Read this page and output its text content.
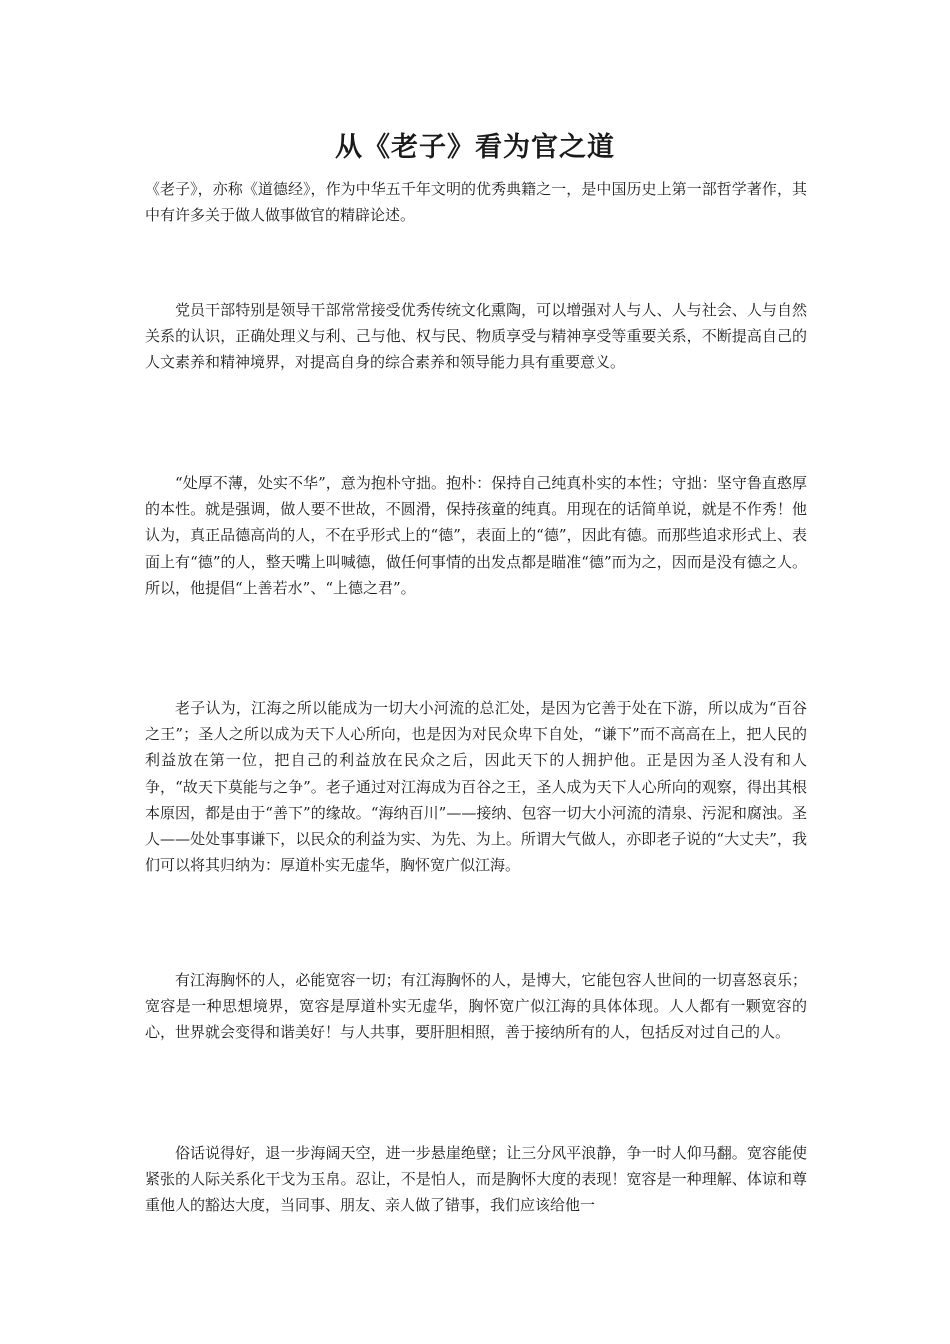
从《老子》看为官之道

《老子》，亦称《道德经》，作为中华五千年文明的优秀典籍之一，是中国历史上第一部哲学著作，其中有许多关于做人做事做官的精辟论述。

党员干部特别是领导干部常常接受优秀传统文化熏陶，可以增强对人与人、人与社会、人与自然关系的认识，正确处理义与利、己与他、权与民、物质享受与精神享受等重要关系，不断提高自己的人文素养和精神境界，对提高自身的综合素养和领导能力具有重要意义。

“处厚不薄，处实不华”，意为抱朴守拙。抱朴：保持自己纯真朴实的本性；守拙：坚守鲁直憨厚的本性。就是强调，做人要不世故，不圆滑，保持孩童的纯真。用现在的话简单说，就是不作秀！他认为，真正品德高尚的人，不在乎形式上的“德”，表面上的“德”，因此有德。而那些追求形式上、表面上有“德”的人，整天嘴上叫喊德，做任何事情的出发点都是瞄准“德”而为之，因而是没有德之人。所以，他提倡“上善若水”、“上德之君”。

老子认为，江海之所以能成为一切大小河流的总汇处，是因为它善于处在下游，所以成为“百谷之王”；圣人之所以成为天下人心所向，也是因为对民众卑下自处，“谦下”而不高高在上，把人民的利益放在第一位，把自己的利益放在民众之后，因此天下的人拥护他。正是因为圣人没有和人争，“故天下莫能与之争”。老子通过对江海成为百谷之王，圣人成为天下人心所向的观察，得出其根本原因，都是由于“善下”的缘故。“海纳百川”——接纳、包容一切大小河流的清泉、污泥和腐浊。圣人——处处事事谦下，以民众的利益为实、为先、为上。所谓大气做人，亦即老子说的“大丈夫”，我们可以将其归纳为：厚道朴实无虚华，胸怀宽广似江海。

有江海胸怀的人，必能宽容一切；有江海胸怀的人，是博大，它能包容人世间的一切喜怒哀乐；宽容是一种思想境界，宽容是厚道朴实无虚华，胸怀宽广似江海的具体体现。人人都有一颗宽容的心，世界就会变得和谐美好！与人共事，要肝胆相照，善于接纳所有的人，包括反对过自己的人。

俗话说得好，退一步海阔天空，进一步悬崖绝壁；让三分风平浪静，争一时人仰马翻。宽容能使紧张的人际关系化干戈为玉帛。忍让，不是怕人，而是胸怀大度的表现！宽容是一种理解、体谅和尊重他人的豁达大度，当同事、朋友、亲人做了错事，我们应该给他一
